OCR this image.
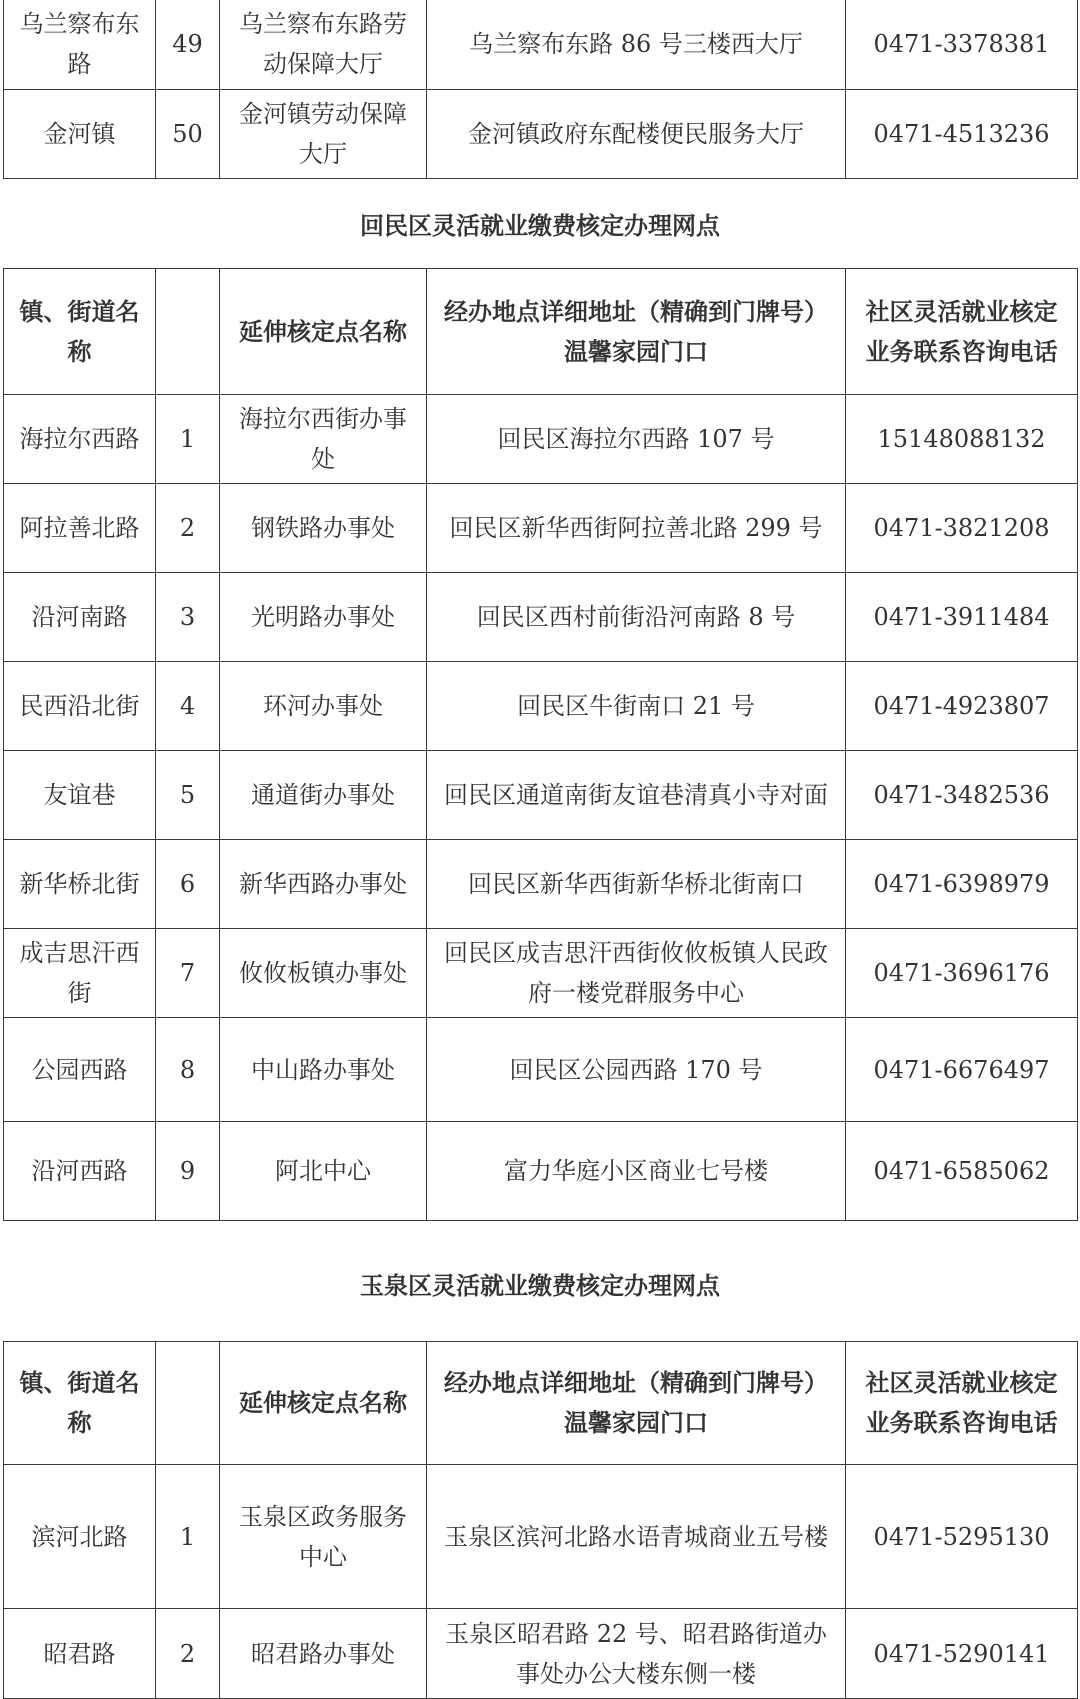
乌兰察布东路	49	乌兰察布东路劳动保障大厅	乌兰察布东路 86 号三楼西大厅	0471-3378381
金河镇	50	金河镇劳动保障大厅	金河镇政府东配楼便民服务大厅	0471-4513236
回民区灵活就业缴费核定办理网点
镇、街道名称		延伸核定点名称	经办地点详细地址（精确到门牌号）温馨家园门口	社区灵活就业核定业务联系咨询电话
海拉尔西路	1	海拉尔西街办事处	回民区海拉尔西路 107 号	15148088132
阿拉善北路	2	钢铁路办事处	回民区新华西街阿拉善北路 299 号	0471-3821208
沿河南路	3	光明路办事处	回民区西村前街沿河南路 8 号	0471-3911484
民西沿北街	4	环河办事处	回民区牛街南口 21 号	0471-4923807
友谊巷	5	通道街办事处	回民区通道南街友谊巷清真小寺对面	0471-3482536
新华桥北街	6	新华西路办事处	回民区新华西街新华桥北街南口	0471-6398979
成吉思汗西街	7	攸攸板镇办事处	回民区成吉思汗西街攸攸板镇人民政府一楼党群服务中心	0471-3696176
公园西路	8	中山路办事处	回民区公园西路 170 号	0471-6676497
沿河西路	9	阿北中心	富力华庭小区商业七号楼	0471-6585062
玉泉区灵活就业缴费核定办理网点
镇、街道名称		延伸核定点名称	经办地点详细地址（精确到门牌号）温馨家园门口	社区灵活就业核定业务联系咨询电话
滨河北路	1	玉泉区政务服务中心	玉泉区滨河北路水语青城商业五号楼	0471-5295130
昭君路	2	昭君路办事处	玉泉区昭君路 22 号、昭君路街道办事处办公大楼东侧一楼	0471-5290141
